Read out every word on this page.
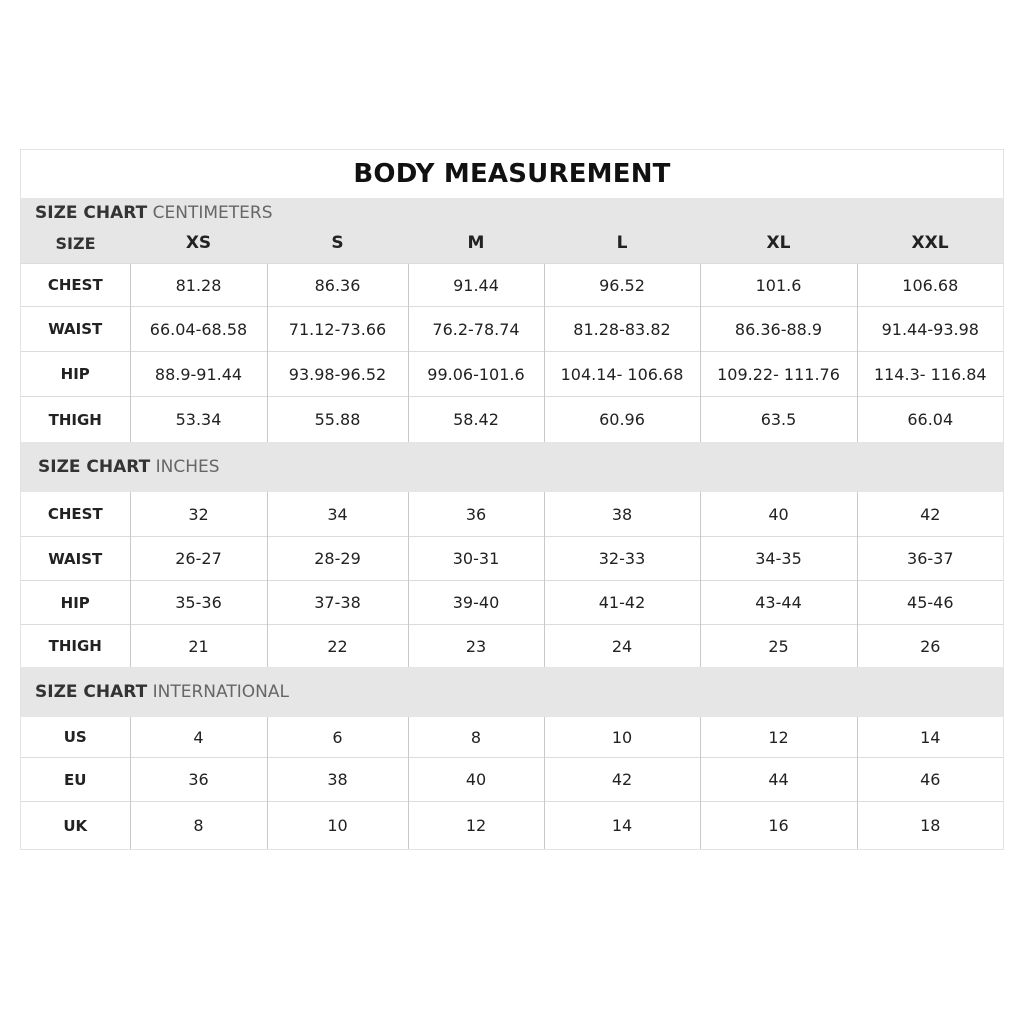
BODY MEASUREMENT
SIZE CHART CENTIMETERS						
SIZE	XS	S	M	L	XL	XXL
CHEST	81.28	86.36	91.44	96.52	101.6	106.68
WAIST	66.04-68.58	71.12-73.66	76.2-78.74	81.28-83.82	86.36-88.9	91.44-93.98
HIP	88.9-91.44	93.98-96.52	99.06-101.6	104.14- 106.68	109.22- 111.76	114.3- 116.84
THIGH	53.34	55.88	58.42	60.96	63.5	66.04
SIZE CHART INCHES						
CHEST	32	34	36	38	40	42
WAIST	26-27	28-29	30-31	32-33	34-35	36-37
HIP	35-36	37-38	39-40	41-42	43-44	45-46
THIGH	21	22	23	24	25	26
SIZE CHART INTERNATIONAL						
US	4	6	8	10	12	14
EU	36	38	40	42	44	46
UK	8	10	12	14	16	18
